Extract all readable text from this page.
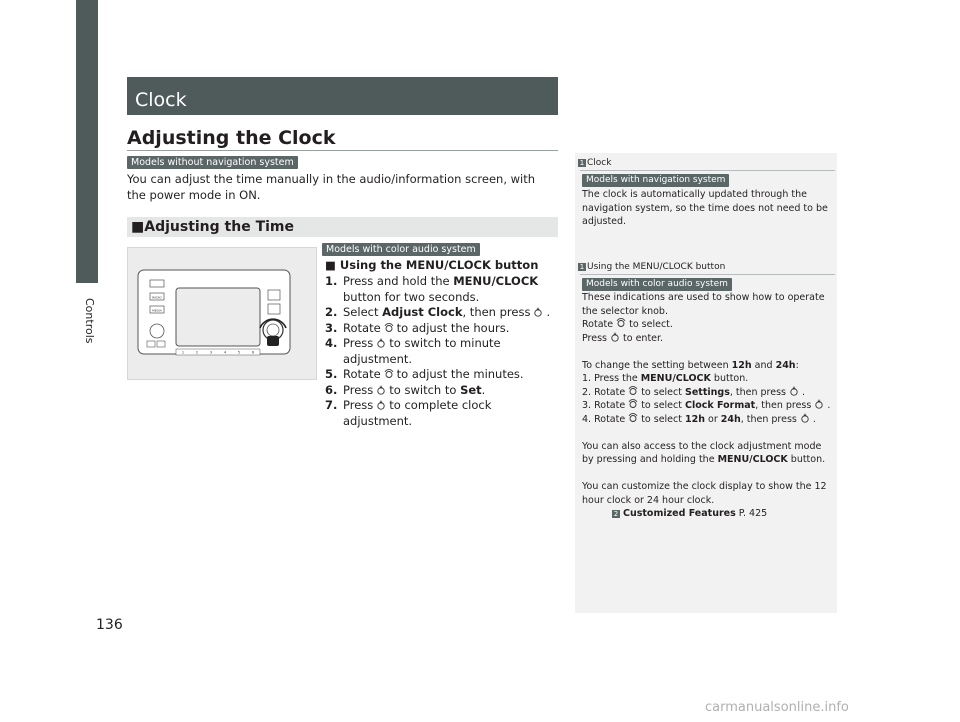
Controls
Clock
Adjusting the Clock
Models without navigation system
You can adjust the time manually in the audio/information screen, with the power mode in ON.
■Adjusting the Time
RADIO
MEDIA
1	2	3	4	5	6
Models with color audio system
■ Using the MENU/CLOCK button
1. Press and hold the MENU/CLOCK button for two seconds.
2. Select Adjust Clock, then press .
3. Rotate to adjust the hours.
4. Press to switch to minute adjustment.
5. Rotate to adjust the minutes.
6. Press to switch to Set.
7. Press to complete clock adjustment.
1 Clock
Models with navigation system
The clock is automatically updated through the navigation system, so the time does not need to be adjusted.
1 Using the MENU/CLOCK button
Models with color audio system

These indications are used to show how to operate the selector knob.

Rotate to select.

Press to enter.

To change the setting between 12h and 24h:

1. Press the MENU/CLOCK button.

2. Rotate to select Settings, then press .

3. Rotate to select Clock Format, then press .

4. Rotate to select 12h or 24h, then press .

You can also access to the clock adjustment mode by pressing and holding the MENU/CLOCK button.

You can customize the clock display to show the 12 hour clock or 24 hour clock.

2 Customized Features P. 425

136
carmanualsonline.info
